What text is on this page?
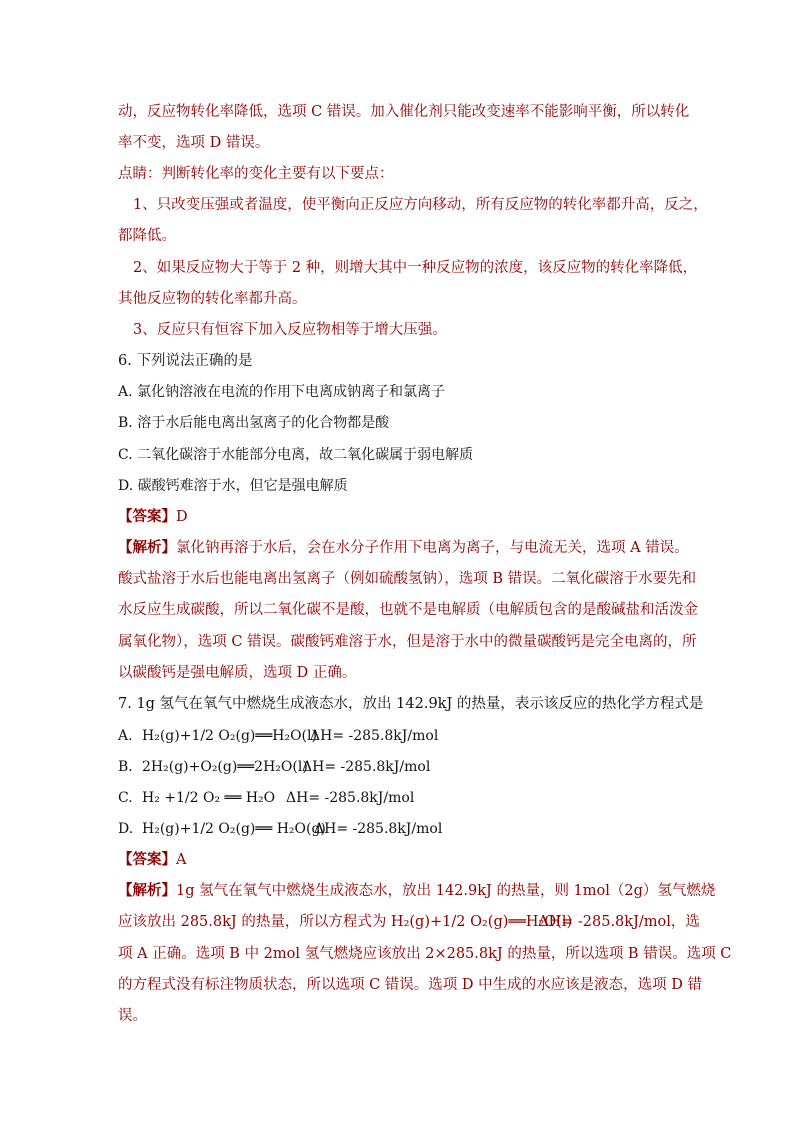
动，反应物转化率降低，选项 C 错误。加入催化剂只能改变速率不能影响平衡，所以转化
率不变，选项 D 错误。
点睛：判断转化率的变化主要有以下要点：
1、只改变压强或者温度，使平衡向正反应方向移动，所有反应物的转化率都升高，反之，
都降低。
2、如果反应物大于等于 2 种，则增大其中一种反应物的浓度，该反应物的转化率降低，
其他反应物的转化率都升高。
3、反应只有恒容下加入反应物相等于增大压强。
6. 下列说法正确的是
A. 氯化钠溶液在电流的作用下电离成钠离子和氯离子
B. 溶于水后能电离出氢离子的化合物都是酸
C. 二氧化碳溶于水能部分电离，故二氧化碳属于弱电解质
D. 碳酸钙难溶于水，但它是强电解质
【答案】D
【解析】氯化钠再溶于水后，会在水分子作用下电离为离子，与电流无关，选项 A 错误。
酸式盐溶于水后也能电离出氢离子（例如硫酸氢钠），选项 B 错误。二氧化碳溶于水要先和
水反应生成碳酸，所以二氧化碳不是酸，也就不是电解质（电解质包含的是酸碱盐和活泼金
属氧化物），选项 C 错误。碳酸钙难溶于水，但是溶于水中的微量碳酸钙是完全电离的，所
以碳酸钙是强电解质，选项 D 正确。
7. 1g 氢气在氧气中燃烧生成液态水，放出 142.9kJ 的热量，表示该反应的热化学方程式是
A. H₂(g)+1/2 O₂(g)══H₂O(l)
ΔH= -285.8kJ/mol
B. 2H₂(g)+O₂(g)══2H₂O(l)
ΔH= -285.8kJ/mol
C. H₂ +1/2 O₂ ══ H₂O ΔH= -285.8kJ/mol
D. H₂(g)+1/2 O₂(g)══ H₂O(g)
ΔH= -285.8kJ/mol
【答案】A
【解析】1g 氢气在氧气中燃烧生成液态水，放出 142.9kJ 的热量，则 1mol（2g）氢气燃烧
应该放出 285.8kJ 的热量，所以方程式为 H₂(g)+1/2 O₂(g)══H₂O(l)
ΔH= -285.8kJ/mol，选
项 A 正确。选项 B 中 2mol 氢气燃烧应该放出 2×285.8kJ 的热量，所以选项 B 错误。选项 C
的方程式没有标注物质状态，所以选项 C 错误。选项 D 中生成的水应该是液态，选项 D 错
误。
